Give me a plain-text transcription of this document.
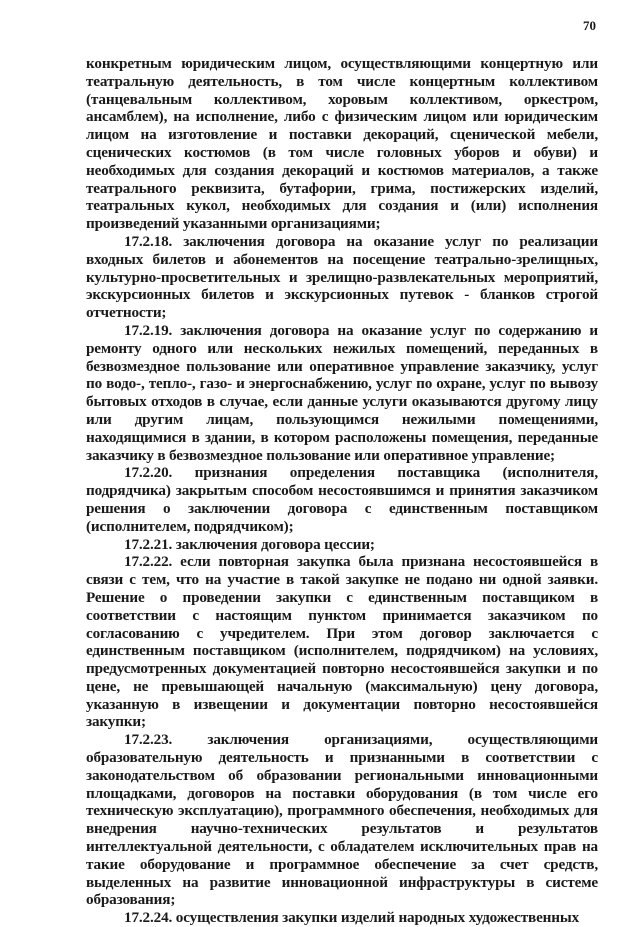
70

конкретным юридическим лицом, осуществляющими концертную или театральную деятельность, в том числе концертным коллективом (танцевальным коллективом, хоровым коллективом, оркестром, ансамблем), на исполнение, либо с физическим лицом или юридическим лицом на изготовление и поставки декораций, сценической мебели, сценических костюмов (в том числе головных уборов и обуви) и необходимых для создания декораций и костюмов материалов, а также театрального реквизита, бутафории, грима, постижерских изделий, театральных кукол, необходимых для создания и (или) исполнения произведений указанными организациями;

17.2.18. заключения договора на оказание услуг по реализации входных билетов и абонементов на посещение театрально-зрелищных, культурно-просветительных и зрелищно-развлекательных мероприятий, экскурсионных билетов и экскурсионных путевок - бланков строгой отчетности;

17.2.19. заключения договора на оказание услуг по содержанию и ремонту одного или нескольких нежилых помещений, переданных в безвозмездное пользование или оперативное управление заказчику, услуг по водо-, тепло-, газо- и энергоснабжению, услуг по охране, услуг по вывозу бытовых отходов в случае, если данные услуги оказываются другому лицу или другим лицам, пользующимся нежилыми помещениями, находящимися в здании, в котором расположены помещения, переданные заказчику в безвозмездное пользование или оперативное управление;

17.2.20. признания определения поставщика (исполнителя, подрядчика) закрытым способом несостоявшимся и принятия заказчиком решения о заключении договора с единственным поставщиком (исполнителем, подрядчиком);

17.2.21. заключения договора цессии;

17.2.22. если повторная закупка была признана несостоявшейся в связи с тем, что на участие в такой закупке не подано ни одной заявки. Решение о проведении закупки с единственным поставщиком в соответствии с настоящим пунктом принимается заказчиком по согласованию с учредителем. При этом договор заключается с единственным поставщиком (исполнителем, подрядчиком) на условиях, предусмотренных документацией повторно несостоявшейся закупки и по цене, не превышающей начальную (максимальную) цену договора, указанную в извещении и документации повторно несостоявшейся закупки;

17.2.23. заключения организациями, осуществляющими образовательную деятельность и признанными в соответствии с законодательством об образовании региональными инновационными площадками, договоров на поставки оборудования (в том числе его техническую эксплуатацию), программного обеспечения, необходимых для внедрения научно-технических результатов и результатов интеллектуальной деятельности, с обладателем исключительных прав на такие оборудование и программное обеспечение за счет средств, выделенных на развитие инновационной инфраструктуры в системе образования;

17.2.24. осуществления закупки изделий народных художественных
